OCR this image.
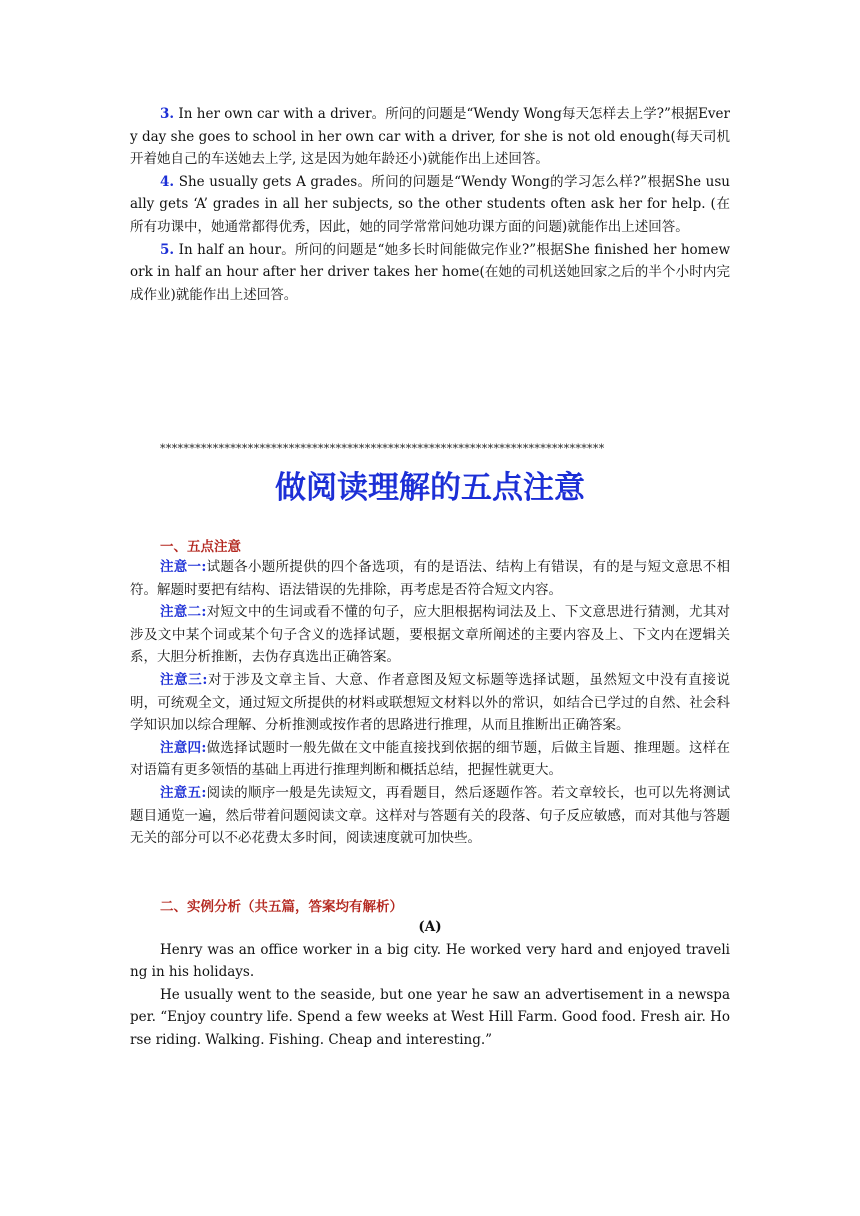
3. In her own car with a driver。所问的问题是“Wendy Wong每天怎样去上学?”根据Every day she goes to school in her own car with a driver, for she is not old enough(每天司机开着她自己的车送她去上学, 这是因为她年龄还小)就能作出上述回答。

4. She usually gets A grades。所问的问题是“Wendy Wong的学习怎么样?”根据She usually gets ‘A’ grades in all her subjects, so the other students often ask her for help. (在所有功课中，她通常都得优秀，因此，她的同学常常问她功课方面的问题)就能作出上述回答。

5. In half an hour。所问的问题是“她多长时间能做完作业?”根据She finished her homework in half an hour after her driver takes her home(在她的司机送她回家之后的半个小时内完成作业)就能作出上述回答。

****************************************************************************
做阅读理解的五点注意
一、五点注意

注意一:试题各小题所提供的四个备选项，有的是语法、结构上有错误，有的是与短文意思不相符。解题时要把有结构、语法错误的先排除，再考虑是否符合短文内容。

注意二:对短文中的生词或看不懂的句子，应大胆根据构词法及上、下文意思进行猜测，尤其对涉及文中某个词或某个句子含义的选择试题，要根据文章所阐述的主要内容及上、下文内在逻辑关系，大胆分析推断，去伪存真选出正确答案。

注意三:对于涉及文章主旨、大意、作者意图及短文标题等选择试题，虽然短文中没有直接说明，可统观全文，通过短文所提供的材料或联想短文材料以外的常识，如结合已学过的自然、社会科学知识加以综合理解、分析推测或按作者的思路进行推理，从而且推断出正确答案。

注意四:做选择试题时一般先做在文中能直接找到依据的细节题，后做主旨题、推理题。这样在对语篇有更多领悟的基础上再进行推理判断和概括总结，把握性就更大。

注意五:阅读的顺序一般是先读短文，再看题目，然后逐题作答。若文章较长，也可以先将测试题目通览一遍，然后带着问题阅读文章。这样对与答题有关的段落、句子反应敏感，而对其他与答题无关的部分可以不必花费太多时间，阅读速度就可加快些。

二、实例分析（共五篇，答案均有解析）

(A)

Henry was an office worker in a big city. He worked very hard and enjoyed traveling in his holidays.

He usually went to the seaside, but one year he saw an advertisement in a newspaper. “Enjoy country life. Spend a few weeks at West Hill Farm. Good food. Fresh air. Horse riding. Walking. Fishing. Cheap and interesting.”
